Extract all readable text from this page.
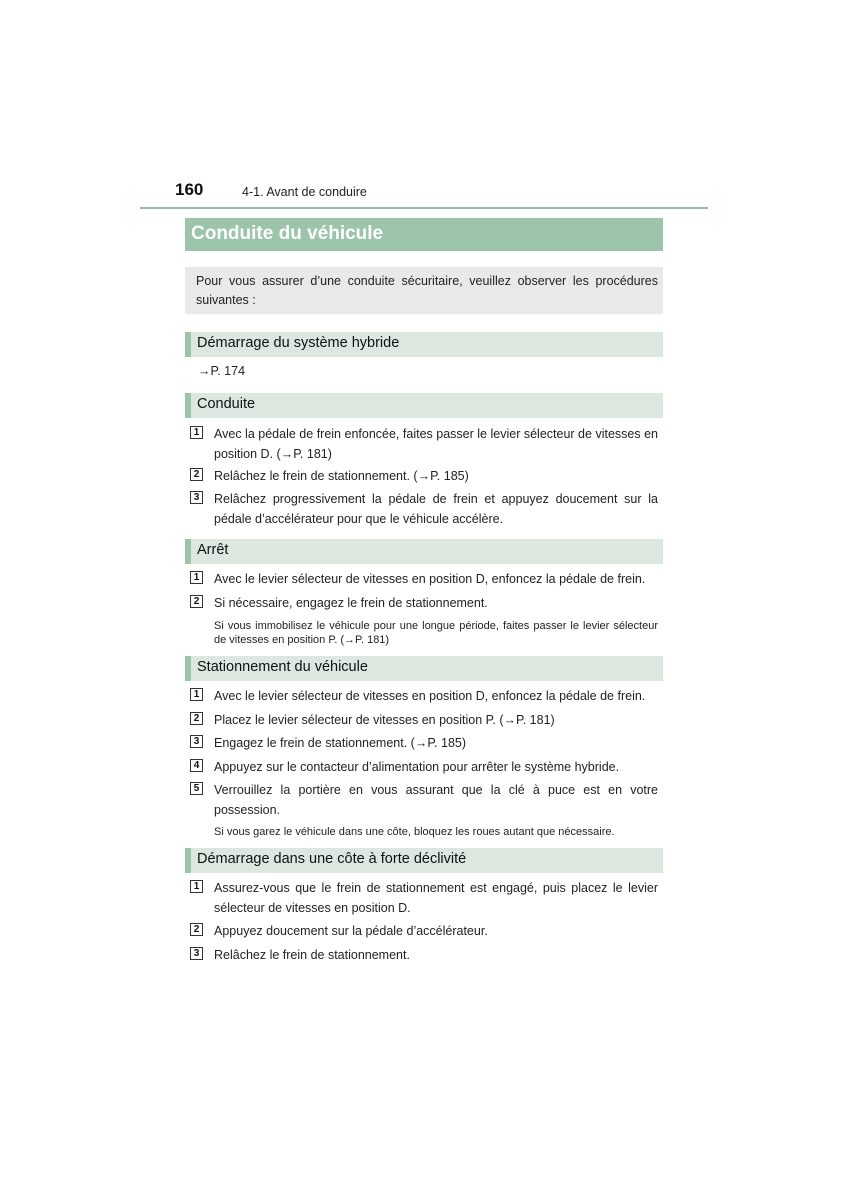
160	4-1. Avant de conduire
Conduite du véhicule

Pour vous assurer d’une conduite sécuritaire, veuillez observer les procédures suivantes :

Démarrage du système hybride
→P. 174
Conduite
1 Avec la pédale de frein enfoncée, faites passer le levier sélecteur de vitesses en position D. (→P. 181)
2 Relâchez le frein de stationnement. (→P. 185)
3 Relâchez progressivement la pédale de frein et appuyez doucement sur la pédale d’accélérateur pour que le véhicule accélère.
Arrêt
1 Avec le levier sélecteur de vitesses en position D, enfoncez la pédale de frein.
2 Si nécessaire, engagez le frein de stationnement.
Si vous immobilisez le véhicule pour une longue période, faites passer le levier sélecteur de vitesses en position P. (→P. 181)
Stationnement du véhicule
1 Avec le levier sélecteur de vitesses en position D, enfoncez la pédale de frein.
2 Placez le levier sélecteur de vitesses en position P. (→P. 181)
3 Engagez le frein de stationnement. (→P. 185)
4 Appuyez sur le contacteur d’alimentation pour arrêter le système hybride.
5 Verrouillez la portière en vous assurant que la clé à puce est en votre possession.
Si vous garez le véhicule dans une côte, bloquez les roues autant que nécessaire.
Démarrage dans une côte à forte déclivité
1 Assurez-vous que le frein de stationnement est engagé, puis placez le levier sélecteur de vitesses en position D.
2 Appuyez doucement sur la pédale d’accélérateur.
3 Relâchez le frein de stationnement.
